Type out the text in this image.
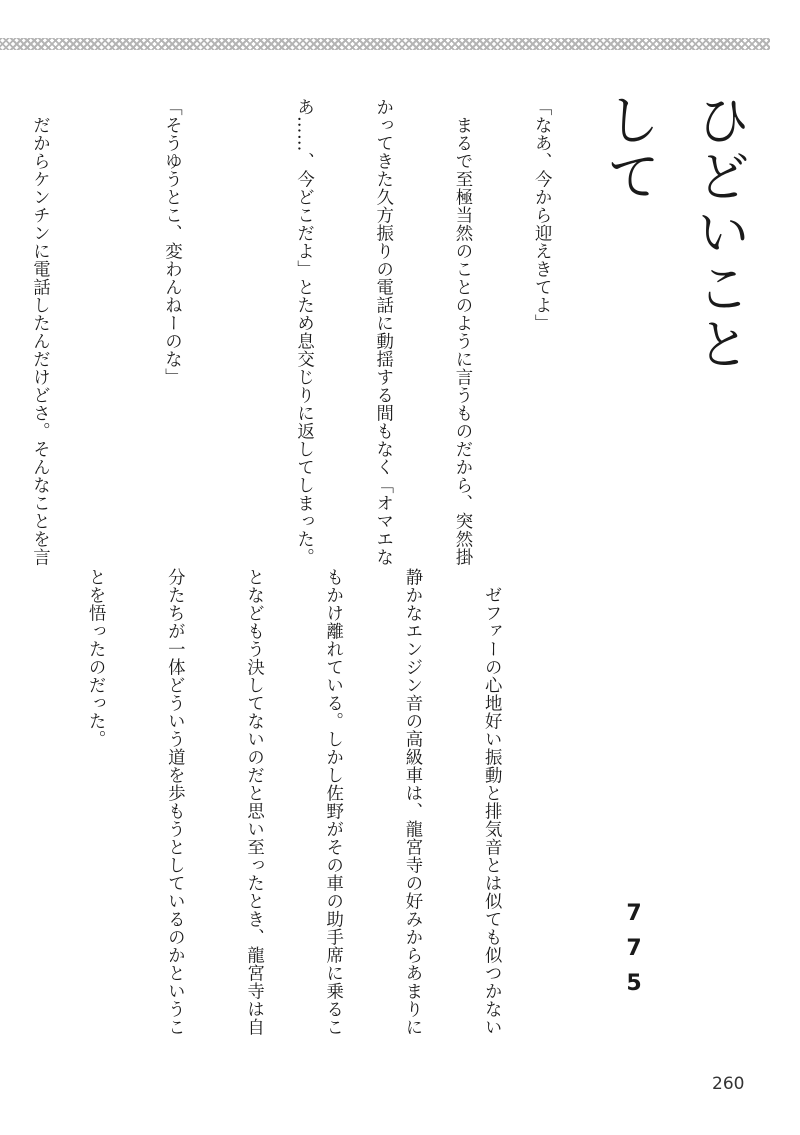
ひどいことして

「なあ、今から迎えきてよ」

　まるで至極当然のことのように言うものだから、突然掛

かってきた久方振りの電話に動揺する間もなく「オマエな

あ……、今どこだよ」とため息交じりに返してしまった。

「そうゆうとこ、変わんねーのな」

　だからケンチンに電話したんだけどさ。そんなことを言

　ゼファーの心地好い振動と排気音とは似ても似つかない

静かなエンジン音の高級車は、龍宮寺の好みからあまりに

もかけ離れている。しかし佐野がその車の助手席に乗るこ

となどもう決してないのだと思い至ったとき、龍宮寺は自

分たちが一体どういう道を歩もうとしているのかというこ

とを悟ったのだった。

7
7
5
260
